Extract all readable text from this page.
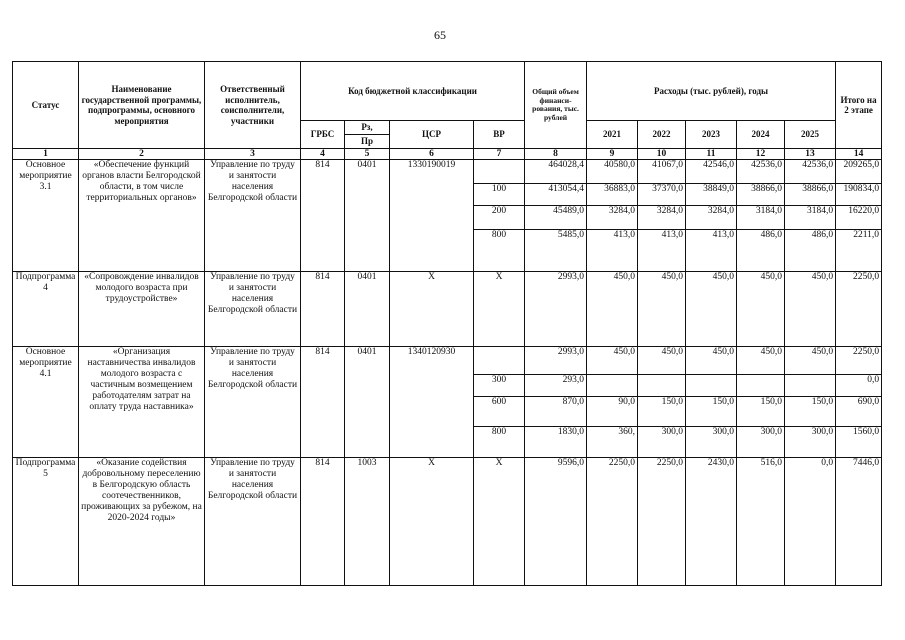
65
Статус	Наименование государственной программы, подпрограммы, основного мероприятия	Ответственный исполнитель, соисполнители, участники	Код бюджетной классификации				Общий объем финанси-рования, тыс. рублей	Расходы (тыс. рублей), годы					Итого на 2 этапе
			ГРБС	Рз,	ЦСР	ВР		2021	2022	2023	2024	2025	
				Пр									
1	2	3	4	5	6	7	8	9	10	11	12	13	14
Основное мероприятие 3.1	«Обеспечение функций органов власти Белгородской области, в том числе территориальных органов»	Управление по труду и занятости населения Белгородской области	814	0401	1330190019		464028,4	40580,0	41067,0	42546,0	42536,0	42536,0	209265,0
						100	413054,4	36883,0	37370,0	38849,0	38866,0	38866,0	190834,0
						200	45489,0	3284,0	3284,0	3284,0	3184,0	3184,0	16220,0
						800	5485,0	413,0	413,0	413,0	486,0	486,0	2211,0
Подпрограмма 4	«Сопровождение инвалидов молодого возраста при трудоустройстве»	Управление по труду и занятости населения Белгородской области	814	0401	Х	Х	2993,0	450,0	450,0	450,0	450,0	450,0	2250,0
Основное мероприятие 4.1	«Организация наставничества инвалидов молодого возраста с частичным возмещением работодателям затрат на оплату труда наставника»	Управление по труду и занятости населения Белгородской области	814	0401	1340120930		2993,0	450,0	450,0	450,0	450,0	450,0	2250,0
						300	293,0						0,0
						600	870,0	90,0	150,0	150,0	150,0	150,0	690,0
						800	1830,0	360,	300,0	300,0	300,0	300,0	1560,0
Подпрограмма 5	«Оказание содействия добровольному переселению в Белгородскую область соотечественников, проживающих за рубежом, на 2020-2024 годы»	Управление по труду и занятости населения Белгородской области	814	1003	Х	Х	9596,0	2250,0	2250,0	2430,0	516,0	0,0	7446,0
